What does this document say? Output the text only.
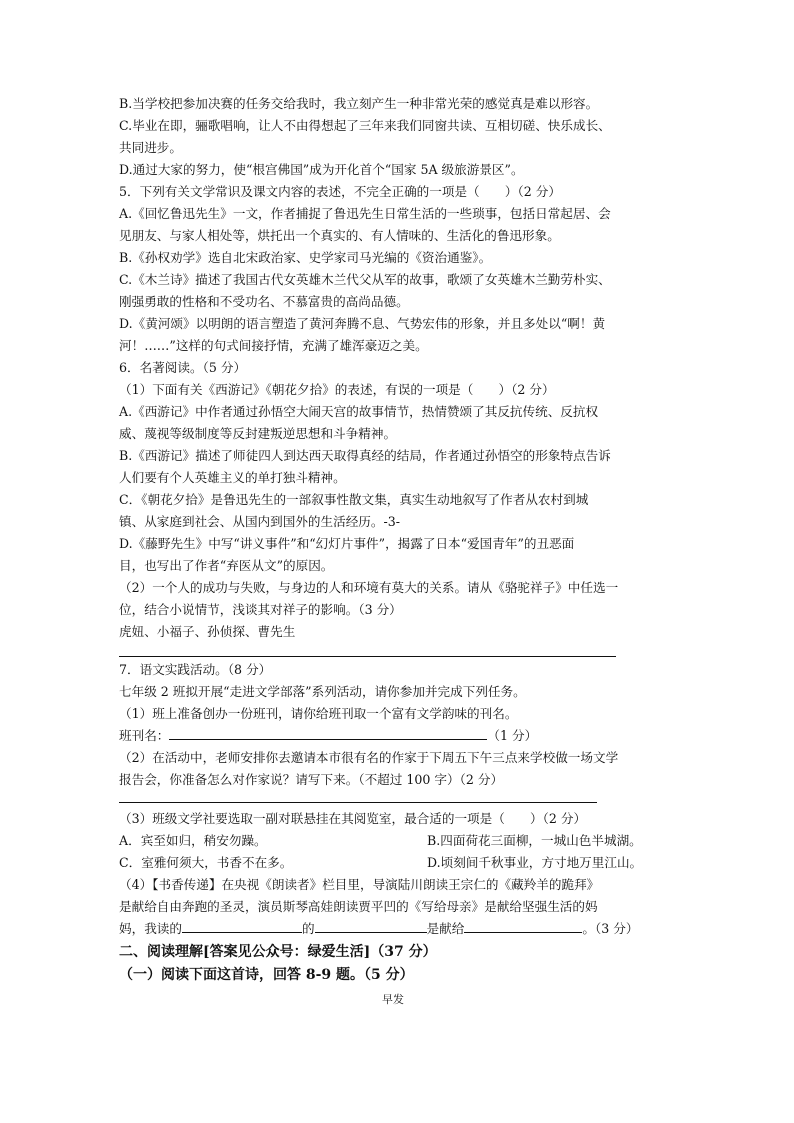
B.当学校把参加决赛的任务交给我时，我立刻产生一种非常光荣的感觉真是难以形容。

C.毕业在即，骊歌唱响，让人不由得想起了三年来我们同窗共读、互相切磋、快乐成长、

共同进步。

D.通过大家的努力，使“根宫佛国”成为开化首个“国家 5A 级旅游景区”。

5．下列有关文学常识及课文内容的表述，不完全正确的一项是（　　）（2 分）

A.《回忆鲁迅先生》一文，作者捕捉了鲁迅先生日常生活的一些琐事，包括日常起居、会

见朋友、与家人相处等，烘托出一个真实的、有人情味的、生活化的鲁迅形象。

B.《孙权劝学》选自北宋政治家、史学家司马光编的《资治通鉴》。

C.《木兰诗》描述了我国古代女英雄木兰代父从军的故事，歌颂了女英雄木兰勤劳朴实、

刚强勇敢的性格和不受功名、不慕富贵的高尚品德。

D.《黄河颂》以明朗的语言塑造了黄河奔腾不息、气势宏伟的形象，并且多处以“啊！黄

河！……”这样的句式间接抒情，充满了雄浑豪迈之美。

6．名著阅读。（5 分）

（1）下面有关《西游记》《朝花夕拾》的表述，有误的一项是（　　）（2 分）

A.《西游记》中作者通过孙悟空大闹天宫的故事情节，热情赞颂了其反抗传统、反抗权

威、蔑视等级制度等反封建叛逆思想和斗争精神。

B.《西游记》描述了师徒四人到达西天取得真经的结局，作者通过孙悟空的形象特点告诉

人们要有个人英雄主义的单打独斗精神。

C．《朝花夕拾》是鲁迅先生的一部叙事性散文集，真实生动地叙写了作者从农村到城

镇、从家庭到社会、从国内到国外的生活经历。-3-

D.《藤野先生》中写“讲义事件”和“幻灯片事件”，揭露了日本“爱国青年”的丑恶面

目，也写出了作者“弃医从文”的原因。

（2）一个人的成功与失败，与身边的人和环境有莫大的关系。请从《骆驼祥子》中任选一

位，结合小说情节，浅谈其对祥子的影响。（3 分）

虎妞、小福子、孙侦探、曹先生

7．语文实践活动。（8 分）

七年级 2 班拟开展“走进文学部落”系列活动，请你参加并完成下列任务。

（1）班上准备创办一份班刊，请你给班刊取一个富有文学韵味的刊名。

班刊名：	（1 分）

（2）在活动中，老师安排你去邀请本市很有名的作家于下周五下午三点来学校做一场文学

报告会，你准备怎么对作家说？请写下来。（不超过 100 字）（2 分）

（3）班级文学社要选取一副对联悬挂在其阅览室，最合适的一项是（　　）（2 分）

A．宾至如归，稍安勿躁。	B.四面荷花三面柳，一城山色半城湖。

C．室雅何须大，书香不在多。	D.顷刻间千秋事业，方寸地万里江山。

（4）【书香传递】在央视《朗读者》栏目里，导演陆川朗读王宗仁的《藏羚羊的跪拜》

是献给自由奔跑的圣灵，演员斯琴高娃朗读贾平凹的《写给母亲》是献给坚强生活的妈

妈，我读的	的	是献给	。（3 分）

二、阅读理解[答案见公众号：绿爱生活]（37 分）

（一）阅读下面这首诗，回答 8-9 题。（5 分）

早发
